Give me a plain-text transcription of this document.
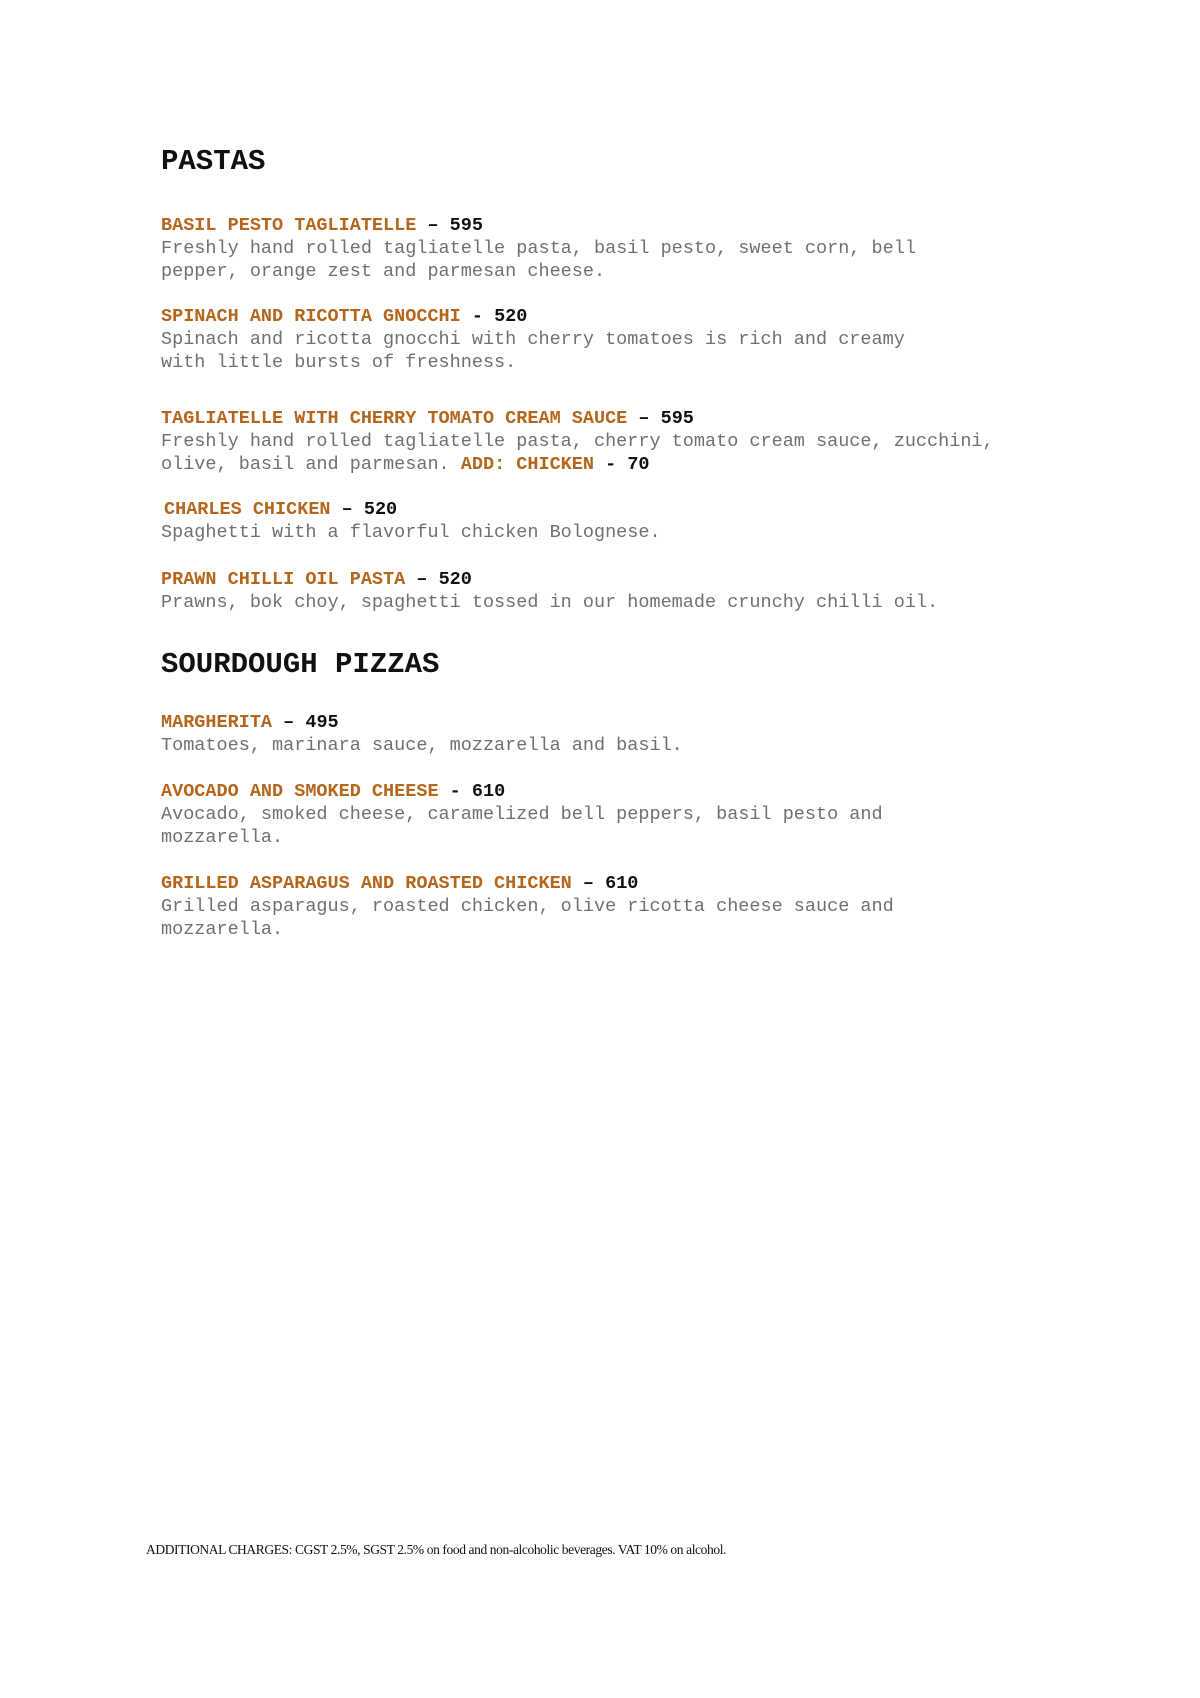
PASTAS
BASIL PESTO TAGLIATELLE – 595
Freshly hand rolled tagliatelle pasta, basil pesto, sweet corn, bell
pepper, orange zest and parmesan cheese.
SPINACH AND RICOTTA GNOCCHI - 520
Spinach and ricotta gnocchi with cherry tomatoes is rich and creamy
with little bursts of freshness.
TAGLIATELLE WITH CHERRY TOMATO CREAM SAUCE – 595
Freshly hand rolled tagliatelle pasta, cherry tomato cream sauce, zucchini,
olive, basil and parmesan. ADD: CHICKEN - 70
CHARLES CHICKEN – 520
Spaghetti with a flavorful chicken Bolognese.
PRAWN CHILLI OIL PASTA – 520
Prawns, bok choy, spaghetti tossed in our homemade crunchy chilli oil.
SOURDOUGH PIZZAS
MARGHERITA – 495
Tomatoes, marinara sauce, mozzarella and basil.
AVOCADO AND SMOKED CHEESE - 610
Avocado, smoked cheese, caramelized bell peppers, basil pesto and
mozzarella.
GRILLED ASPARAGUS AND ROASTED CHICKEN – 610
Grilled asparagus, roasted chicken, olive ricotta cheese sauce and
mozzarella.
ADDITIONAL CHARGES: CGST 2.5%, SGST 2.5% on food and non-alcoholic beverages. VAT 10% on alcohol.
